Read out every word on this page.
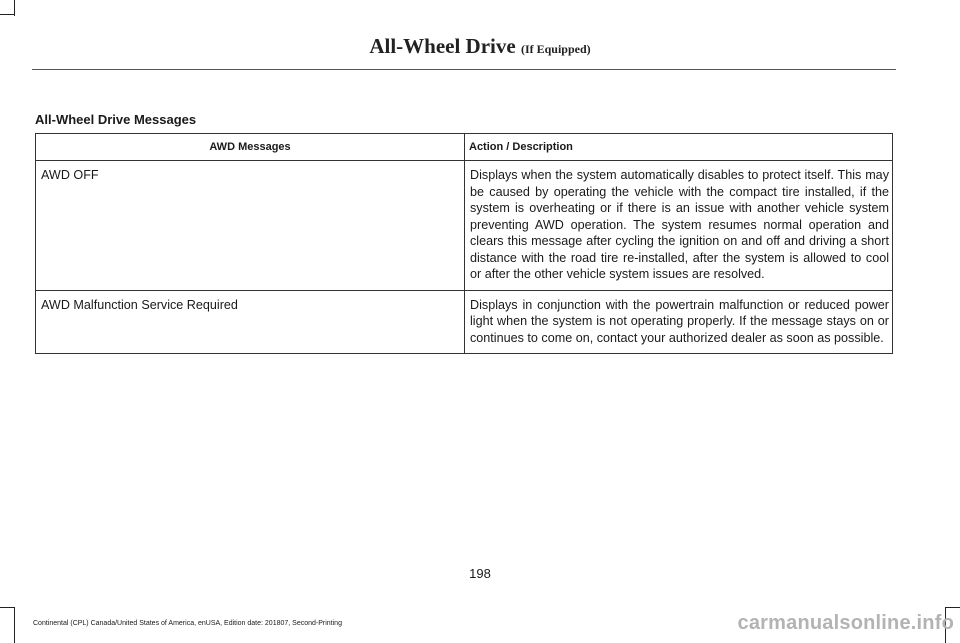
All-Wheel Drive (If Equipped)
All-Wheel Drive Messages
AWD Messages	Action / Description
AWD OFF	Displays when the system automatically disables to protect itself. This may be caused by operating the vehicle with the compact tire installed, if the system is overheating or if there is an issue with another vehicle system preventing AWD operation. The system resumes normal operation and clears this message after cycling the ignition on and off and driving a short distance with the road tire re-installed, after the system is allowed to cool or after the other vehicle system issues are resolved.
AWD Malfunction Service Required	Displays in conjunction with the powertrain malfunction or reduced power light when the system is not operating properly. If the message stays on or continues to come on, contact your authorized dealer as soon as possible.
198
Continental (CPL) Canada/United States of America, enUSA, Edition date: 201807, Second-Printing	carmanualsonline.info
